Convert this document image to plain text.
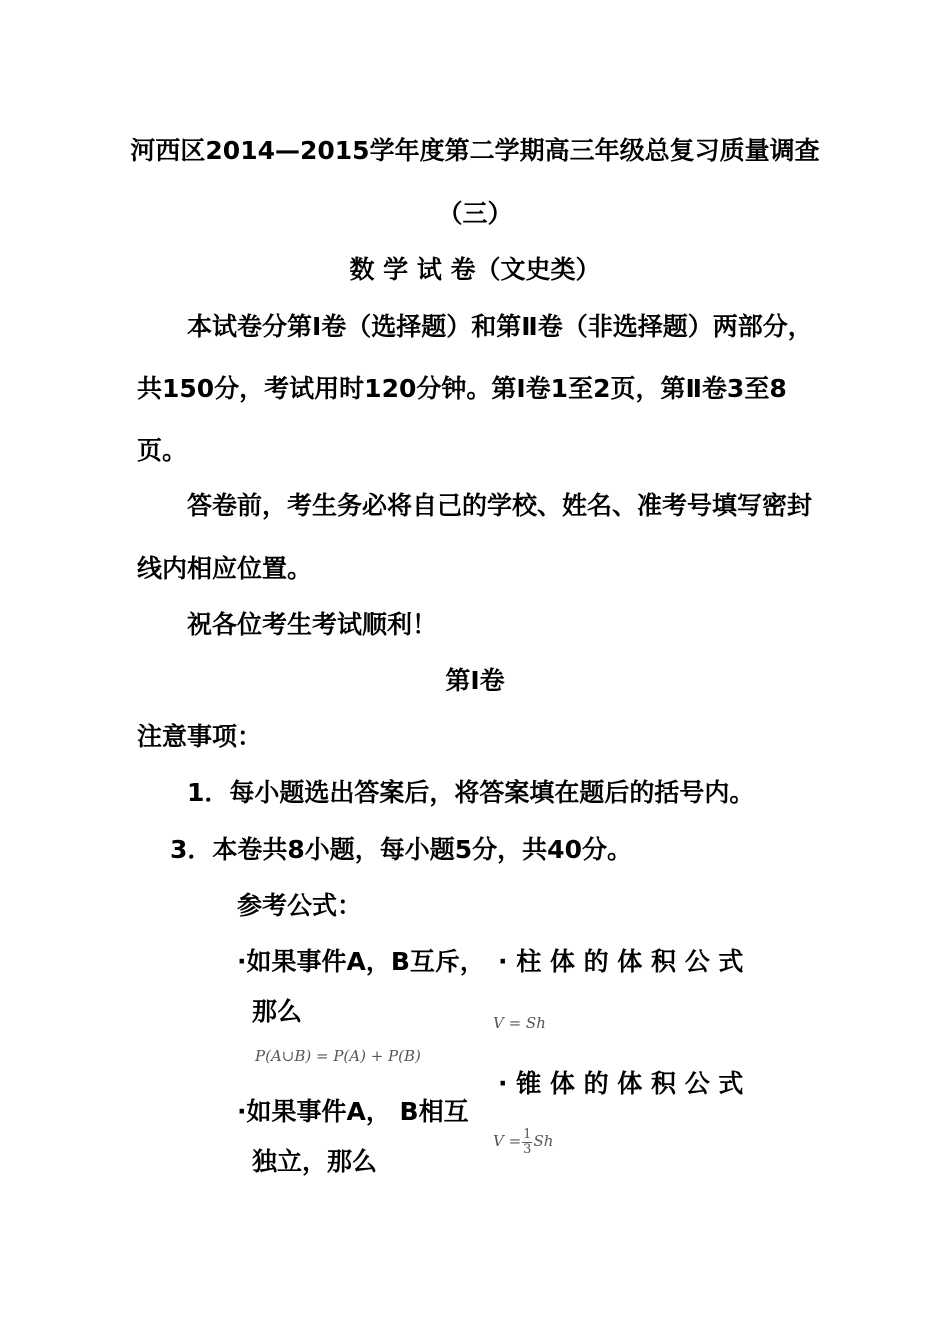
河西区2014—2015学年度第二学期高三年级总复习质量调查
（三）
数 学 试 卷（文史类）
本试卷分第Ⅰ卷（选择题）和第Ⅱ卷（非选择题）两部分，
共150分，考试用时120分钟。第Ⅰ卷1至2页，第Ⅱ卷3至8
页。
答卷前，考生务必将自己的学校、姓名、准考号填写密封
线内相应位置。
祝各位考生考试顺利！
第Ⅰ卷
注意事项：
1．每小题选出答案后，将答案填在题后的括号内。
3．本卷共8小题，每小题5分，共40分。
参考公式：
·如果事件A，B互斥，
那么
P(A∪B) = P(A) + P(B)
·如果事件A， B相互
独立，那么
· 柱 体 的 体 积 公 式
V = Sh
· 锥 体 的 体 积 公 式
$V = \frac{1}{3}$ Sh
